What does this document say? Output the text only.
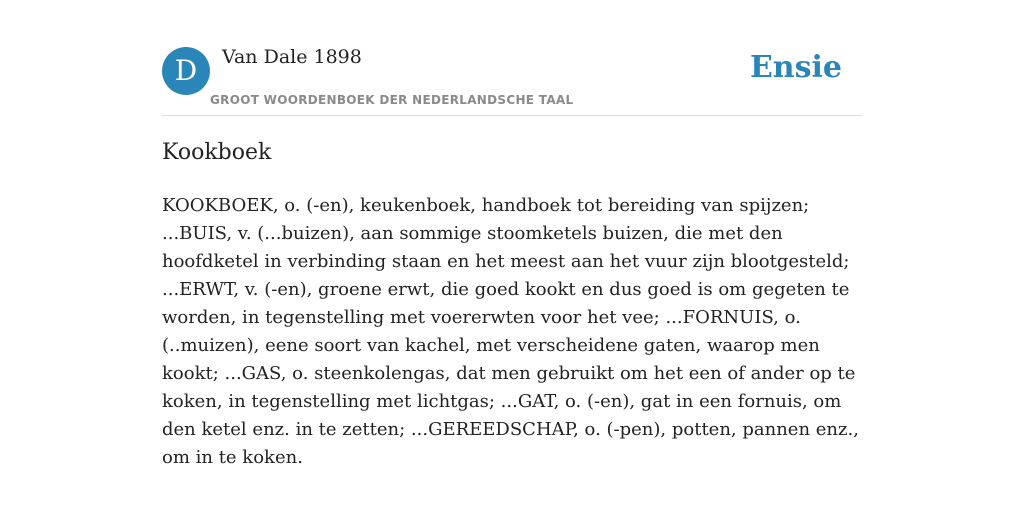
D	Van Dale 1898
GROOT WOORDENBOEK DER NEDERLANDSCHE TAAL
Ensie
Kookboek

KOOKBOEK, o. (-en), keukenboek, handboek tot bereiding van spijzen; ...BUIS, v. (...buizen), aan sommige stoomketels buizen, die met den hoofdketel in verbinding staan en het meest aan het vuur zijn blootgesteld; ...ERWT, v. (-en), groene erwt, die goed kookt en dus goed is om gegeten te worden, in tegenstelling met voererwten voor het vee; ...FORNUIS, o. (..muizen), eene soort van kachel, met verscheidene gaten, waarop men kookt; ...GAS, o. steenkolengas, dat men gebruikt om het een of ander op te koken, in tegenstelling met lichtgas; ...GAT, o. (-en), gat in een fornuis, om den ketel enz. in te zetten; ...GEREEDSCHAP, o. (-pen), potten, pannen enz., om in te koken.
